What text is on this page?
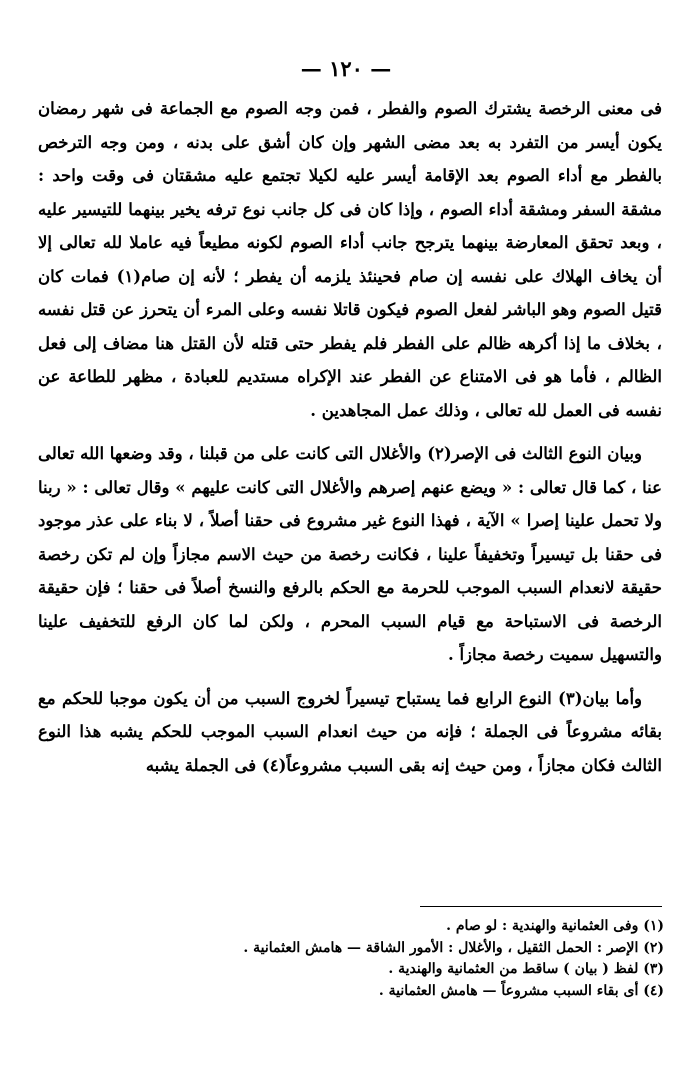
— ١٢٠ —

فى معنى الرخصة يشترك الصوم والفطر ، فمن وجه الصوم مع الجماعة فى شهر رمضان يكون أيسر من التفرد به بعد مضى الشهر وإن كان أشق على بدنه ، ومن وجه الترخص بالفطر مع أداء الصوم بعد الإقامة أيسر عليه لكيلا تجتمع عليه مشقتان فى وقت واحد : مشقة السفر ومشقة أداء الصوم ، وإذا كان فى كل جانب نوع ترفه يخير بينهما للتيسير عليه ، وبعد تحقق المعارضة بينهما يترجح جانب أداء الصوم لكونه مطيعاً فيه عاملا لله تعالى إلا أن يخاف الهلاك على نفسه إن صام فحينئذ يلزمه أن يفطر ؛ لأنه إن صام(١) فمات كان قتيل الصوم وهو الباشر لفعل الصوم فيكون قاتلا نفسه وعلى المرء أن يتحرز عن قتل نفسه ، بخلاف ما إذا أكرهه ظالم على الفطر فلم يفطر حتى قتله لأن القتل هنا مضاف إلى فعل الظالم ، فأما هو فى الامتناع عن الفطر عند الإكراه مستديم للعبادة ، مظهر للطاعة عن نفسه فى العمل لله تعالى ، وذلك عمل المجاهدين .

وبيان النوع الثالث فى الإصر(٢) والأغلال التى كانت على من قبلنا ، وقد وضعها الله تعالى عنا ، كما قال تعالى : « ويضع عنهم إصرهم والأغلال التى كانت عليهم » وقال تعالى : « ربنا ولا تحمل علينا إصرا » الآية ، فهذا النوع غير مشروع فى حقنا أصلاً ، لا بناء على عذر موجود فى حقنا بل تيسيراً وتخفيفاً علينا ، فكانت رخصة من حيث الاسم مجازاً وإن لم تكن رخصة حقيقة لانعدام السبب الموجب للحرمة مع الحكم بالرفع والنسخ أصلاً فى حقنا ؛ فإن حقيقة الرخصة فى الاستباحة مع قيام السبب المحرم ، ولكن لما كان الرفع للتخفيف علينا والتسهيل سميت رخصة مجازاً .

وأما بيان(٣) النوع الرابع فما يستباح تيسيراً لخروج السبب من أن يكون موجبا للحكم مع بقائه مشروعاً فى الجملة ؛ فإنه من حيث انعدام السبب الموجب للحكم يشبه هذا النوع الثالث فكان مجازاً ، ومن حيث إنه بقى السبب مشروعاً(٤) فى الجملة يشبه

(١) وفى العثمانية والهندية : لو صام .
(٢) الإصر : الحمل الثقيل ، والأغلال : الأمور الشاقة — هامش العثمانية .
(٣) لفظ ( بيان ) ساقط من العثمانية والهندية .
(٤) أى بقاء السبب مشروعاً — هامش العثمانية .
